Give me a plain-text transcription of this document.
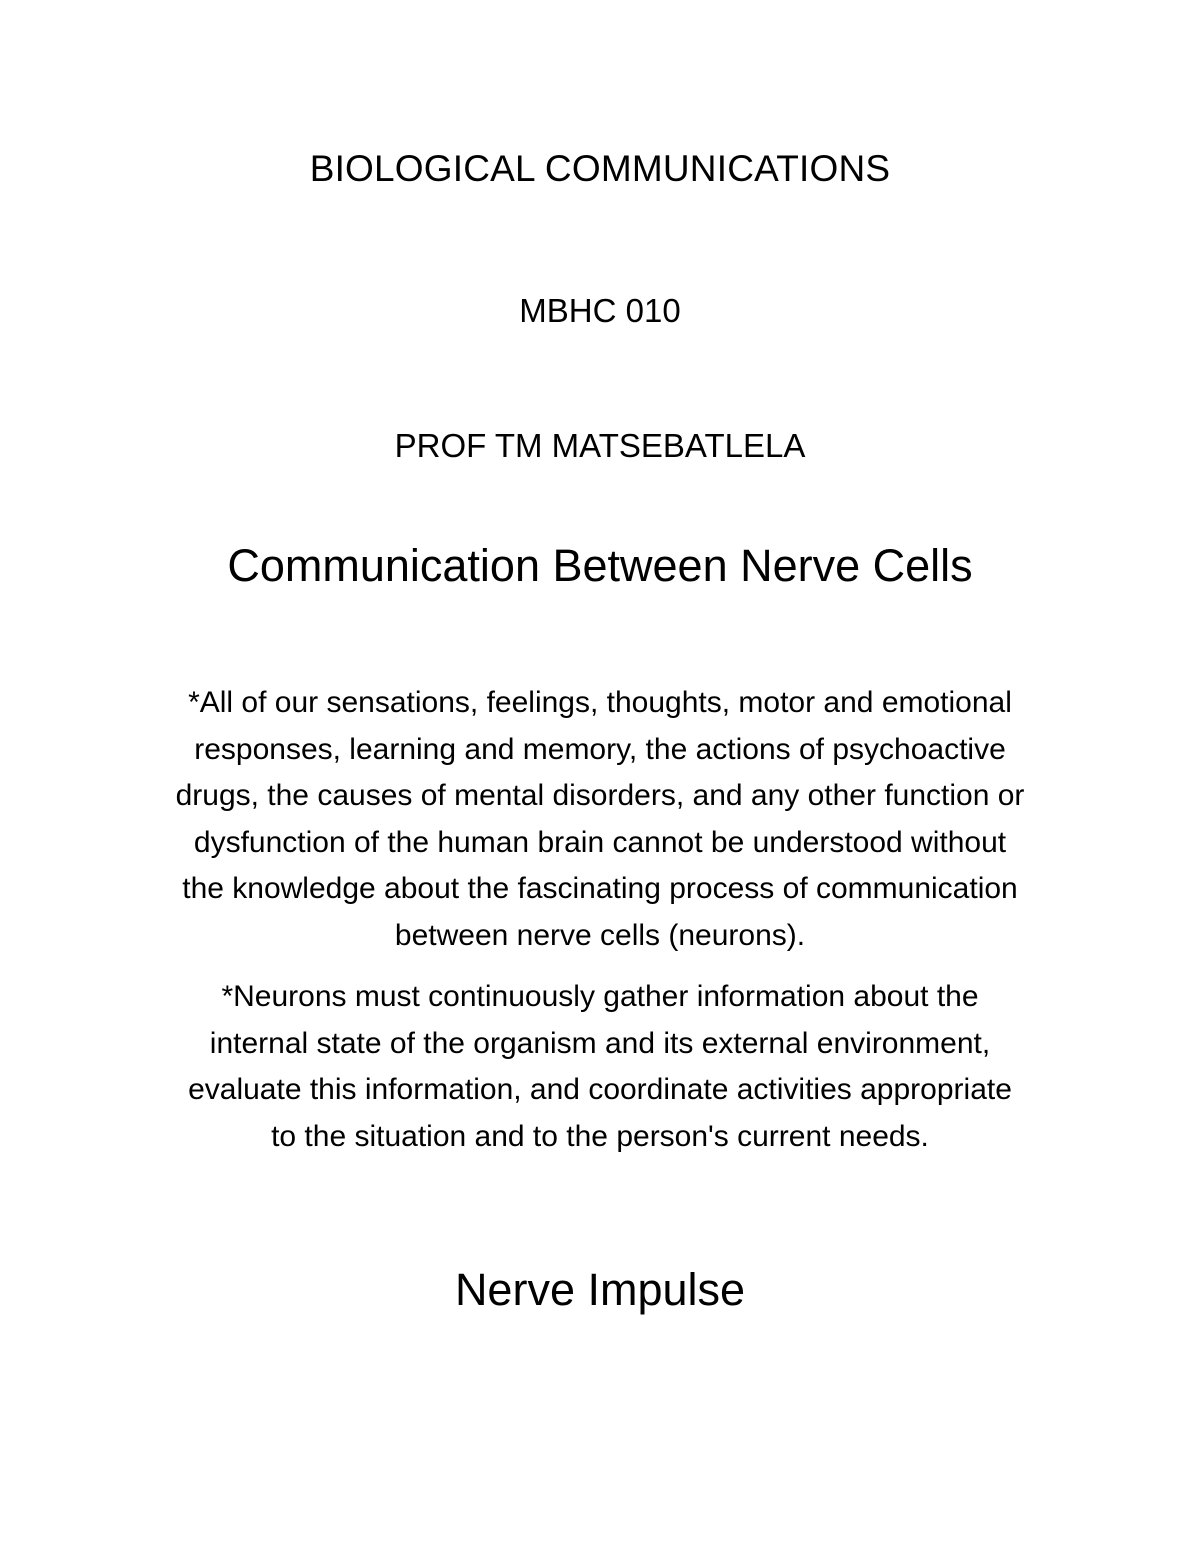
BIOLOGICAL COMMUNICATIONS
MBHC 010
PROF TM MATSEBATLELA
Communication Between Nerve Cells
*All of our sensations, feelings, thoughts, motor and emotional
responses, learning and memory, the actions of psychoactive
drugs, the causes of mental disorders, and any other function or
dysfunction of the human brain cannot be understood without
the knowledge about the fascinating process of communication
between nerve cells (neurons).
*Neurons must continuously gather information about the
internal state of the organism and its external environment,
evaluate this information, and coordinate activities appropriate
to the situation and to the person's current needs.
Nerve Impulse
